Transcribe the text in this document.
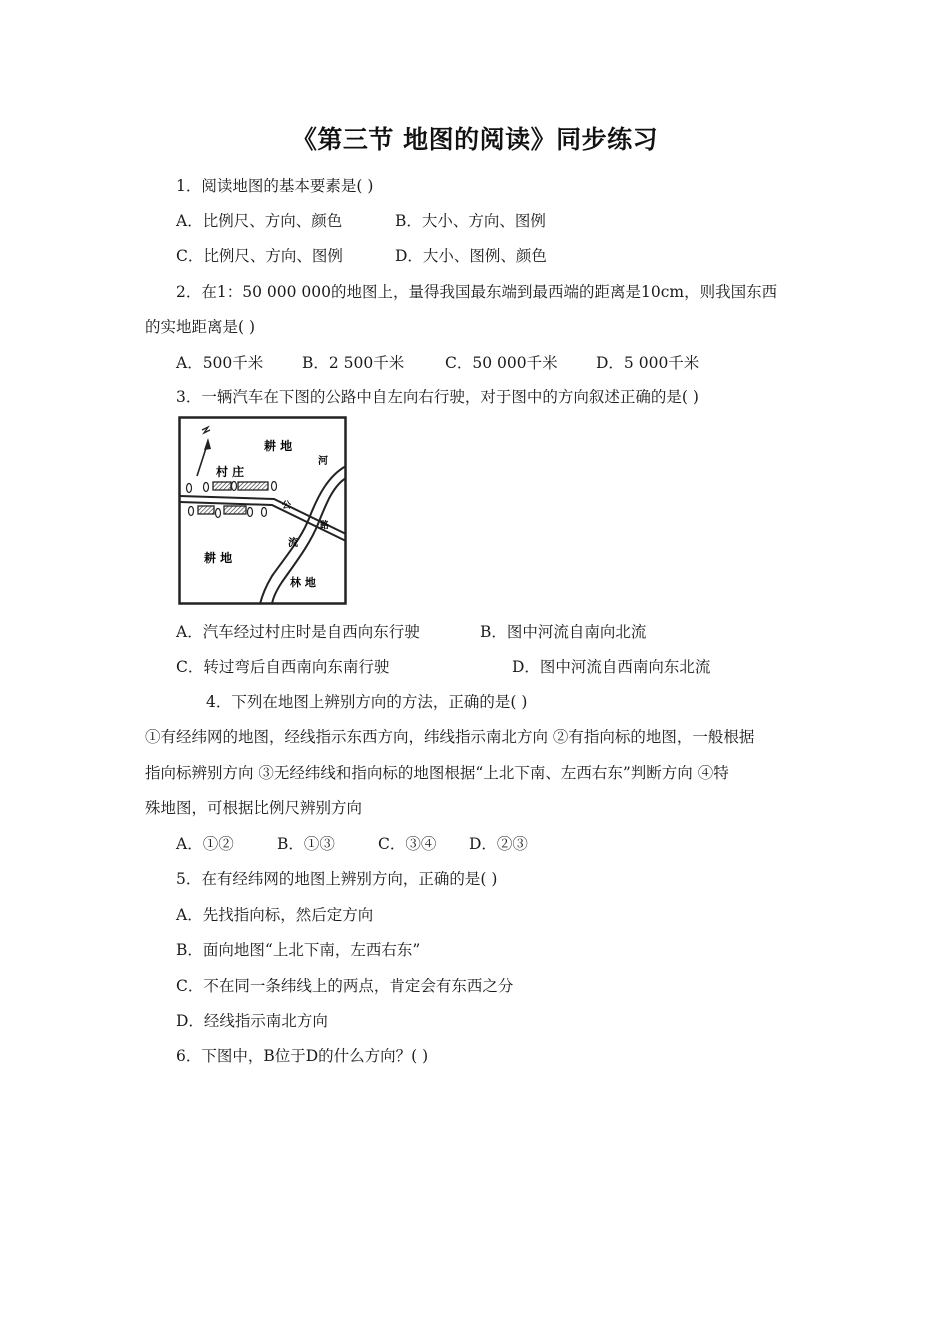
《第三节 地图的阅读》同步练习
1．阅读地图的基本要素是( )
A．比例尺、方向、颜色	B．大小、方向、图例
C．比例尺、方向、图例	D．大小、图例、颜色
2．在1：50 000 000的地图上，量得我国最东端到最西端的距离是10cm，则我国东西
的实地距离是( )
A．500千米 B．2 500千米	C．50 000千米 D．5 000千米
3．一辆汽车在下图的公路中自左向右行驶，对于图中的方向叙述正确的是( )
耕 地
村 庄
耕 地
林 地
河
流
公
路
A．汽车经过村庄时是自西向东行驶	B．图中河流自南向北流
C．转过弯后自西南向东南行驶	D．图中河流自西南向东北流
4．下列在地图上辨别方向的方法，正确的是( )
①有经纬网的地图，经线指示东西方向，纬线指示南北方向 ②有指向标的地图，一般根据
指向标辨别方向 ③无经纬线和指向标的地图根据“上北下南、左西右东”判断方向 ④特
殊地图，可根据比例尺辨别方向
A．①②	B．①③	C．③④ D．②③
5．在有经纬网的地图上辨别方向，正确的是( )
A．先找指向标，然后定方向
B．面向地图“上北下南，左西右东”
C．不在同一条纬线上的两点，肯定会有东西之分
D．经线指示南北方向
6．下图中，B位于D的什么方向？( )
